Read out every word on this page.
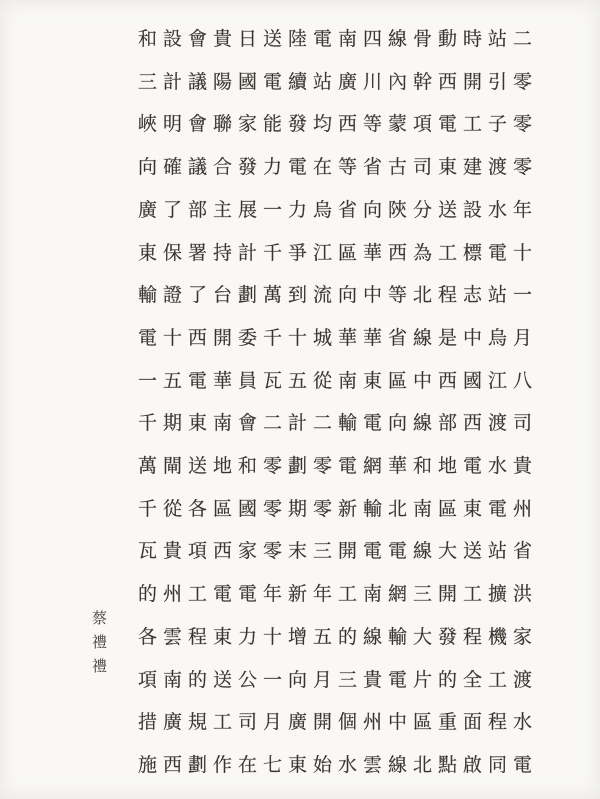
蔡禮禮
和設會貴日送陸電南四線骨動時站二
三計議陽國電續站廣川內幹西開引零
峽明會聯家能發均西等蒙項電工子零
向確議合發力電在等省古司東建渡零
廣了部主展一力烏省向陝分送設水年
東保署持計千爭江區華西為工標電十
輸證了台劃萬到流向中等北程志站一
電十西開委千十城華華省線是中烏月
一五電華員瓦五從南東區中西國江八
千期東南會二計二輸電向線部西渡司
萬閘送地和零劃零電網華和地電水貴
千從各區國零期零新輸北南區東電州
瓦貴項西家零末三開電電線大送站省
的州工電電年新年工南網三開工擴洪
各雲程東力十增五的線輸大發程機家
項南的送公一向月三貴電片的全工渡
措廣規工司月廣開個州中區重面程水
施西劃作在七東始水雲線北點啟同電
